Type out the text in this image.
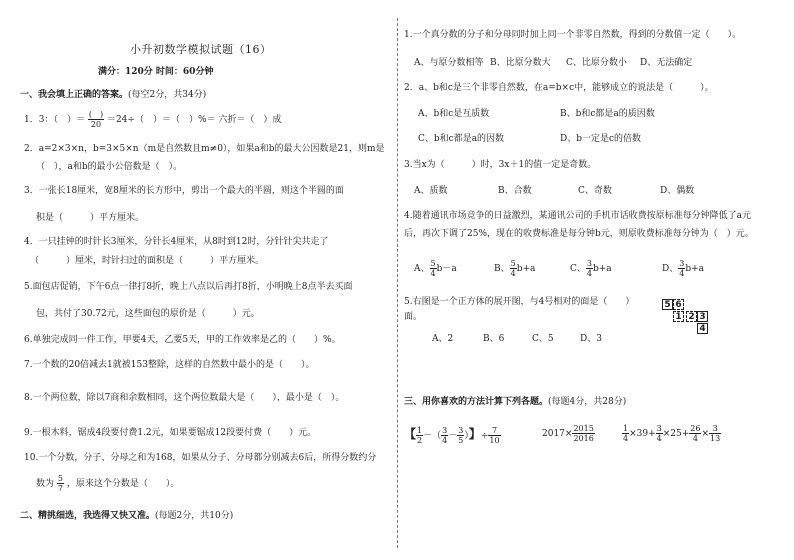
小升初数学模拟试题（16）
满分：120分 时间：60分钟
一、我会填上正确的答案。(每空2分，共34分)
1．3：（　）＝ $\frac{( )}{20} =24\div$（　）＝（　）%＝ 六折＝（　）成
2．a=2×3×n，b=3×5×n（m是自然数且m≠0），如果a和b的最大公因数是21，则m是
（　），a和b的最小公倍数是（　）。
3．一张长18厘米，宽8厘米的长方形中，剪出一个最大的半圆，则这个半圆的面
积是（　　　）平方厘米。
4．一只挂钟的时针长3厘米，分针长4厘米，从8时到12时，分针针尖共走了
（　　　）厘米，时针扫过的面积是（　　　）平方厘米。
5.面包店促销，下午6点一律打8折，晚上八点以后再打8折，小明晚上8点半去买面
包，共付了30.72元，这些面包的原价是（　　　）元。
6.单独完成同一件工作，甲要4天，乙要5天，甲的工作效率是乙的（　　）%。
7.一个数的20倍减去1就被153整除，这样的自然数中最小的是（　　）。
8.一个两位数，除以7商和余数相同，这个两位数最大是（　　），最小是（　）。
9.一根木料，锯成4段要付费1.2元，如果要锯成12段要付费（　　）元。
10.一个分数，分子、分母之和为168，如果从分子、分母都分别减去6后，所得分数约分
数为 $\frac{5}{7}$ ，原来这个分数是（　　）。
二、精挑细选，我选得又快又准。(每题2分，共10分)
1.一个真分数的分子和分母同时加上同一个非零自然数，得到的分数值一定（　　）。
A、与原分数相等 B、比原分数大 C、比原分数小 D、无法确定
2．a、b和c是三个非零自然数，在a=b×c中，能够成立的说法是（　　　）。
A、b和c是互质数	B、b和c都是a的质因数
C、b和c都是a的因数	D、b一定是c的倍数
3.当x为（　　　）时，3x＋1的值一定是奇数。
A、质数	B、合数	C、奇数	D、偶数
4.随着通讯市场竞争的日益激烈，某通讯公司的手机市话收费按原标准每分钟降低了a元
后，再次下调了25%，现在的收费标准是每分钟b元，则原收费标准每分钟为（　）元。
A、 $\frac{5}{4} b-a$	B、 $\frac{5}{4} b+a$	C、 $\frac{3}{4} b+a$	D、 $\frac{3}{4} b+a$
5.右图是一个正方体的展开图，与4号相对的面是（　　）
面。
A、2	B、6	C、5	D、3
5 6
1 2 3
4
三、用你喜欢的方法计算下列各题。(每题4分，共28分)
【 $\frac{1}{2}$ －（ $\frac{3}{4} - \frac{3}{5}$ ）】÷ $\frac{7}{10}$	$2017\times \frac{2015}{2016}$	$\frac{1}{4} \times 39+ \frac{3}{4} \times 25+ \frac{26}{4} \times \frac{3}{13}$
